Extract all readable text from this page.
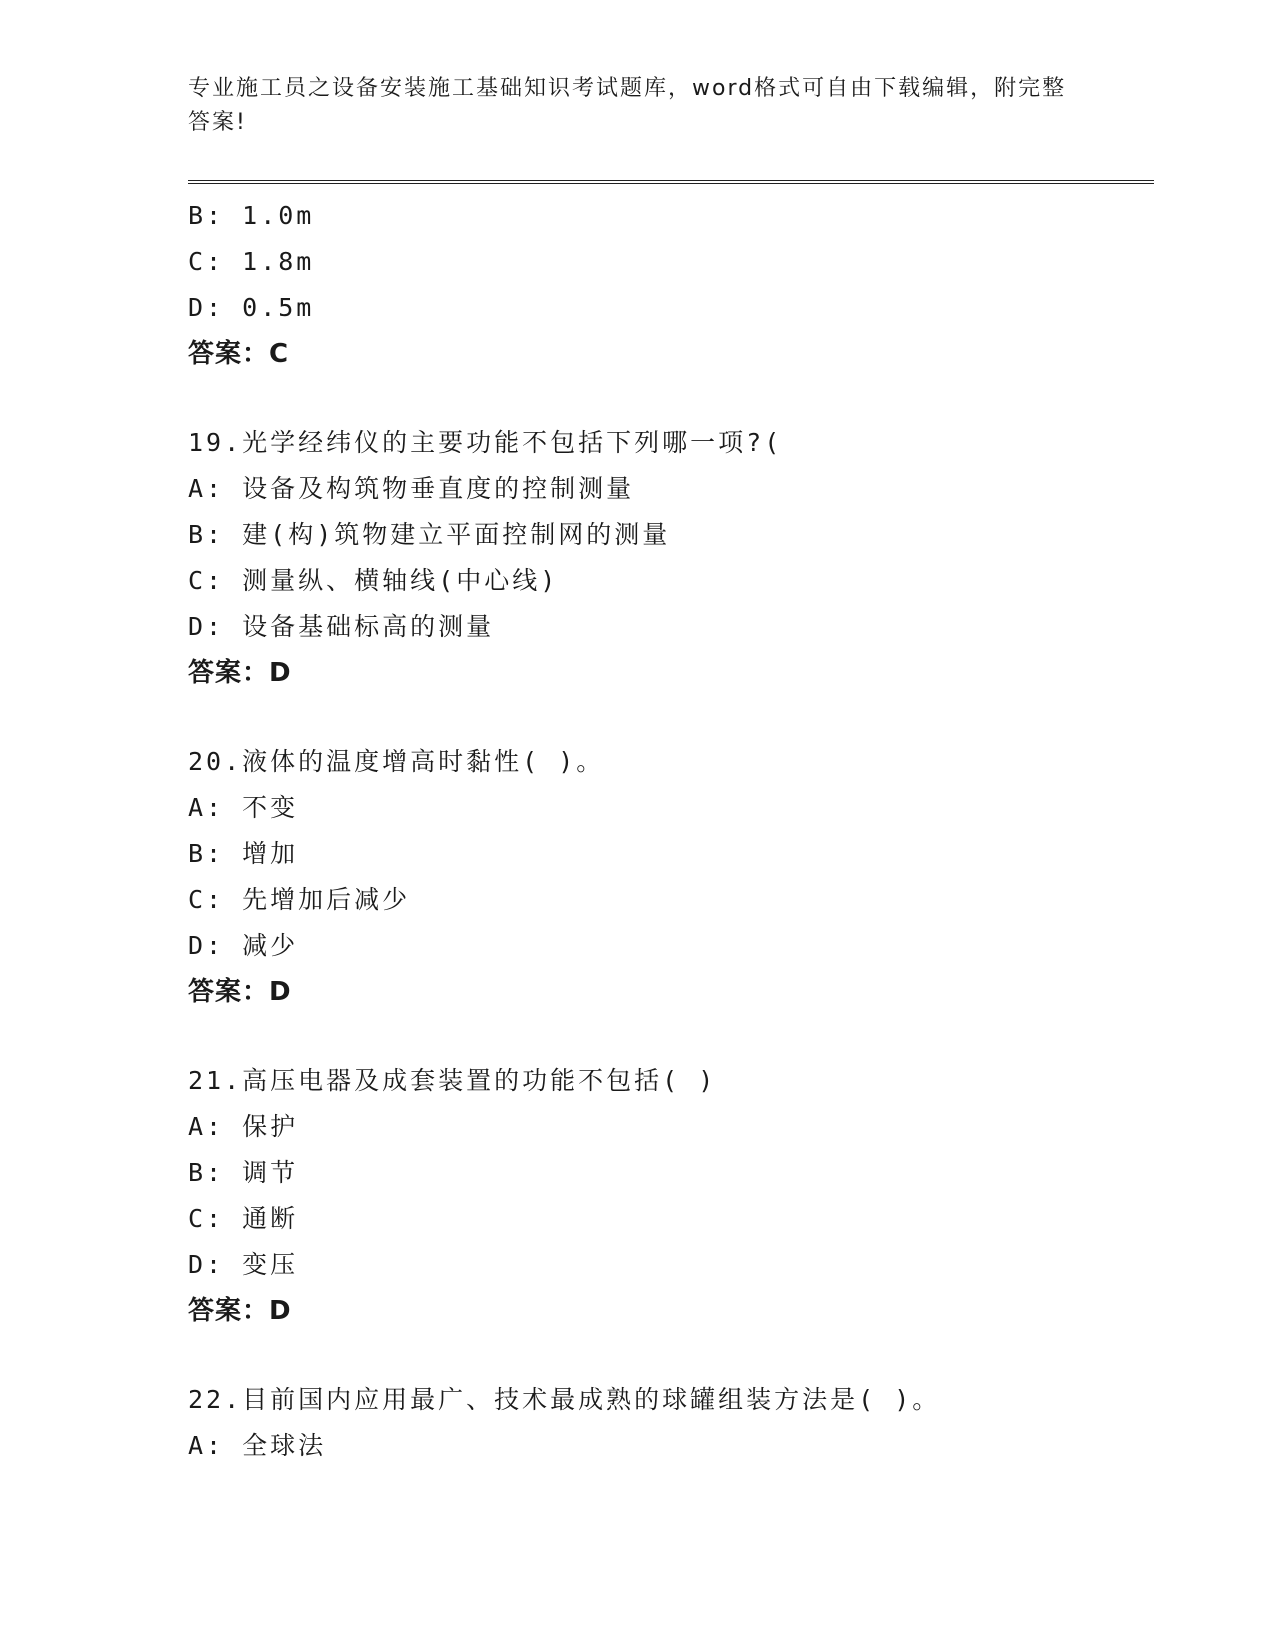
专业施工员之设备安装施工基础知识考试题库，word格式可自由下载编辑，附完整答案!
B: 1.0m
C: 1.8m
D: 0.5m
答案：C
19.光学经纬仪的主要功能不包括下列哪一项?(
A: 设备及构筑物垂直度的控制测量
B: 建(构)筑物建立平面控制网的测量
C: 测量纵、横轴线(中心线)
D: 设备基础标高的测量
答案：D
20.液体的温度增高时黏性( )。
A: 不变
B: 增加
C: 先增加后减少
D: 减少
答案：D
21.高压电器及成套装置的功能不包括( )
A: 保护
B: 调节
C: 通断
D: 变压
答案：D
22.目前国内应用最广、技术最成熟的球罐组装方法是( )。
A: 全球法
